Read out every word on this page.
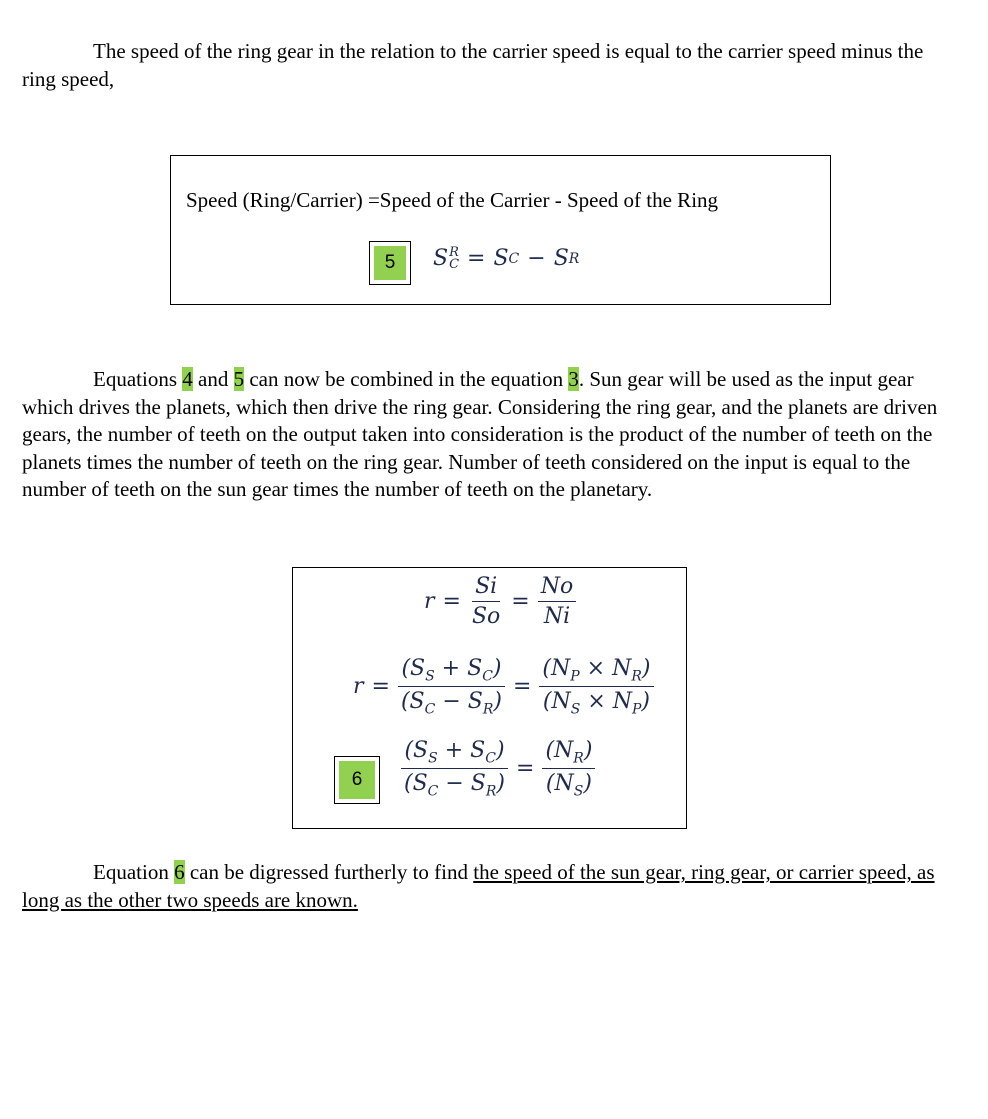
The speed of the ring gear in the relation to the carrier speed is equal to the carrier speed minus the ring speed,
Speed (Ring/Carrier) =Speed of the Carrier - Speed of the Ring
5	S R
C = S C − S R
Equations 4 and 5 can now be combined in the equation 3. Sun gear will be used as the input gear which drives the planets, which then drive the ring gear. Considering the ring gear, and the planets are driven gears, the number of teeth on the output taken into consideration is the product of the number of teeth on the planets times the number of teeth on the ring gear. Number of teeth considered on the input is equal to the number of teeth on the sun gear times the number of teeth on the planetary.
$r = \frac{Si}{So} = \frac{No}{Ni}$
$r = \frac{(S_S + S_C)}{(S_C - S_R)} = \frac{(N_P \times N_R)}{(N_S \times N_P)}$
6	$\frac{(S_S + S_C)}{(S_C - S_R)} = \frac{(N_R)}{(N_S)}$
Equation 6 can be digressed furtherly to find the speed of the sun gear, ring gear, or carrier speed, as long as the other two speeds are known.
